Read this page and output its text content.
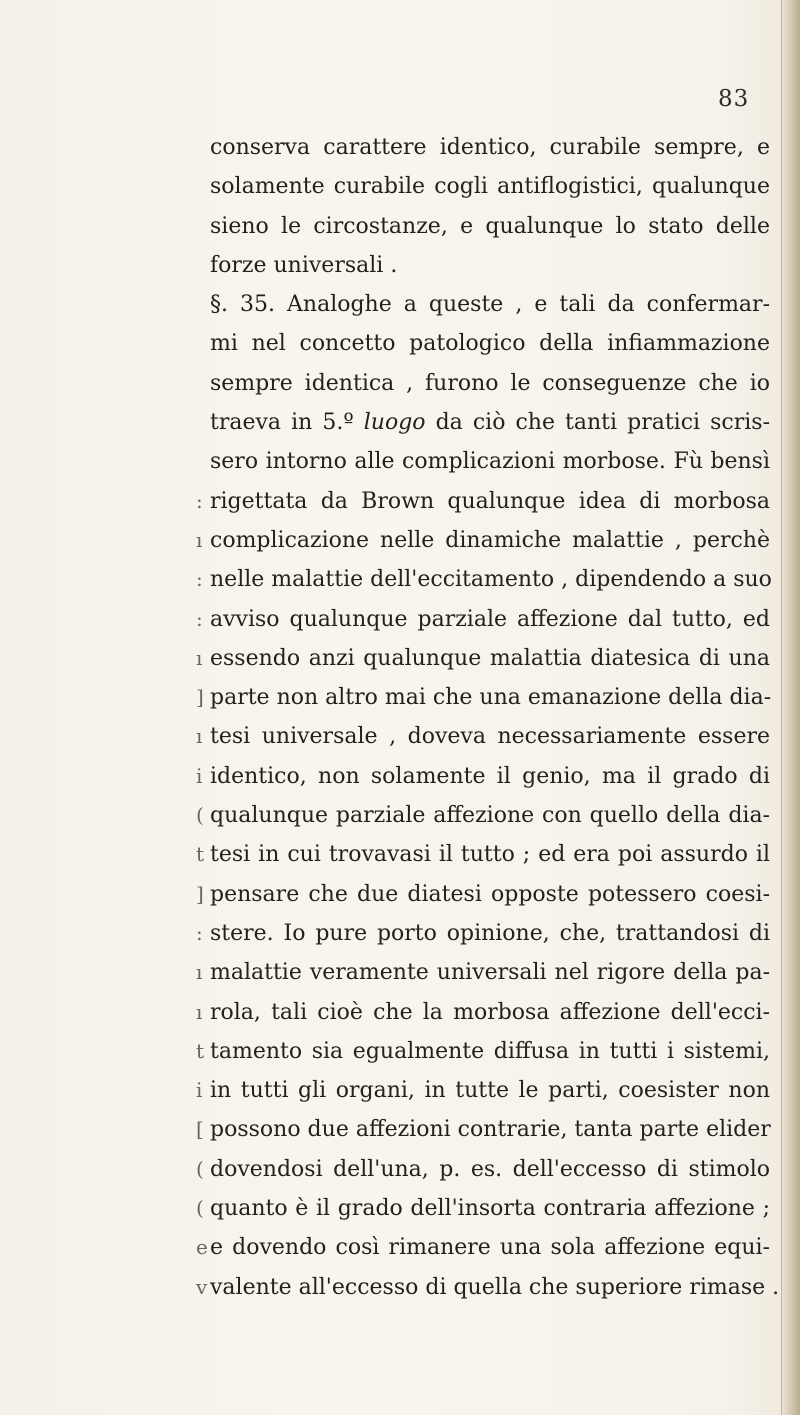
83
:
ı
:
:
ı
]
ı
i
(
t
]
:
ı
ı
t
i
[
(
(
e
v
conserva carattere identico, curabile sempre, e
solamente curabile cogli antiflogistici, qualunque
sieno le circostanze, e qualunque lo stato delle
forze universali .
§. 35. Analoghe a queste , e tali da confermar-
mi nel concetto patologico della infiammazione
sempre identica , furono le conseguenze che io
traeva in 5.º luogo da ciò che tanti pratici scris-
sero intorno alle complicazioni morbose. Fù bensì
rigettata da Brown qualunque idea di morbosa
complicazione nelle dinamiche malattie , perchè
nelle malattie dell'eccitamento , dipendendo a suo
avviso qualunque parziale affezione dal tutto, ed
essendo anzi qualunque malattia diatesica di una
parte non altro mai che una emanazione della dia-
tesi universale , doveva necessariamente essere
identico, non solamente il genio, ma il grado di
qualunque parziale affezione con quello della dia-
tesi in cui trovavasi il tutto ; ed era poi assurdo il
pensare che due diatesi opposte potessero coesi-
stere. Io pure porto opinione, che, trattandosi di
malattie veramente universali nel rigore della pa-
rola, tali cioè che la morbosa affezione dell'ecci-
tamento sia egualmente diffusa in tutti i sistemi,
in tutti gli organi, in tutte le parti, coesister non
possono due affezioni contrarie, tanta parte elider
dovendosi dell'una, p. es. dell'eccesso di stimolo
quanto è il grado dell'insorta contraria affezione ;
e dovendo così rimanere una sola affezione equi-
valente all'eccesso di quella che superiore rimase .
